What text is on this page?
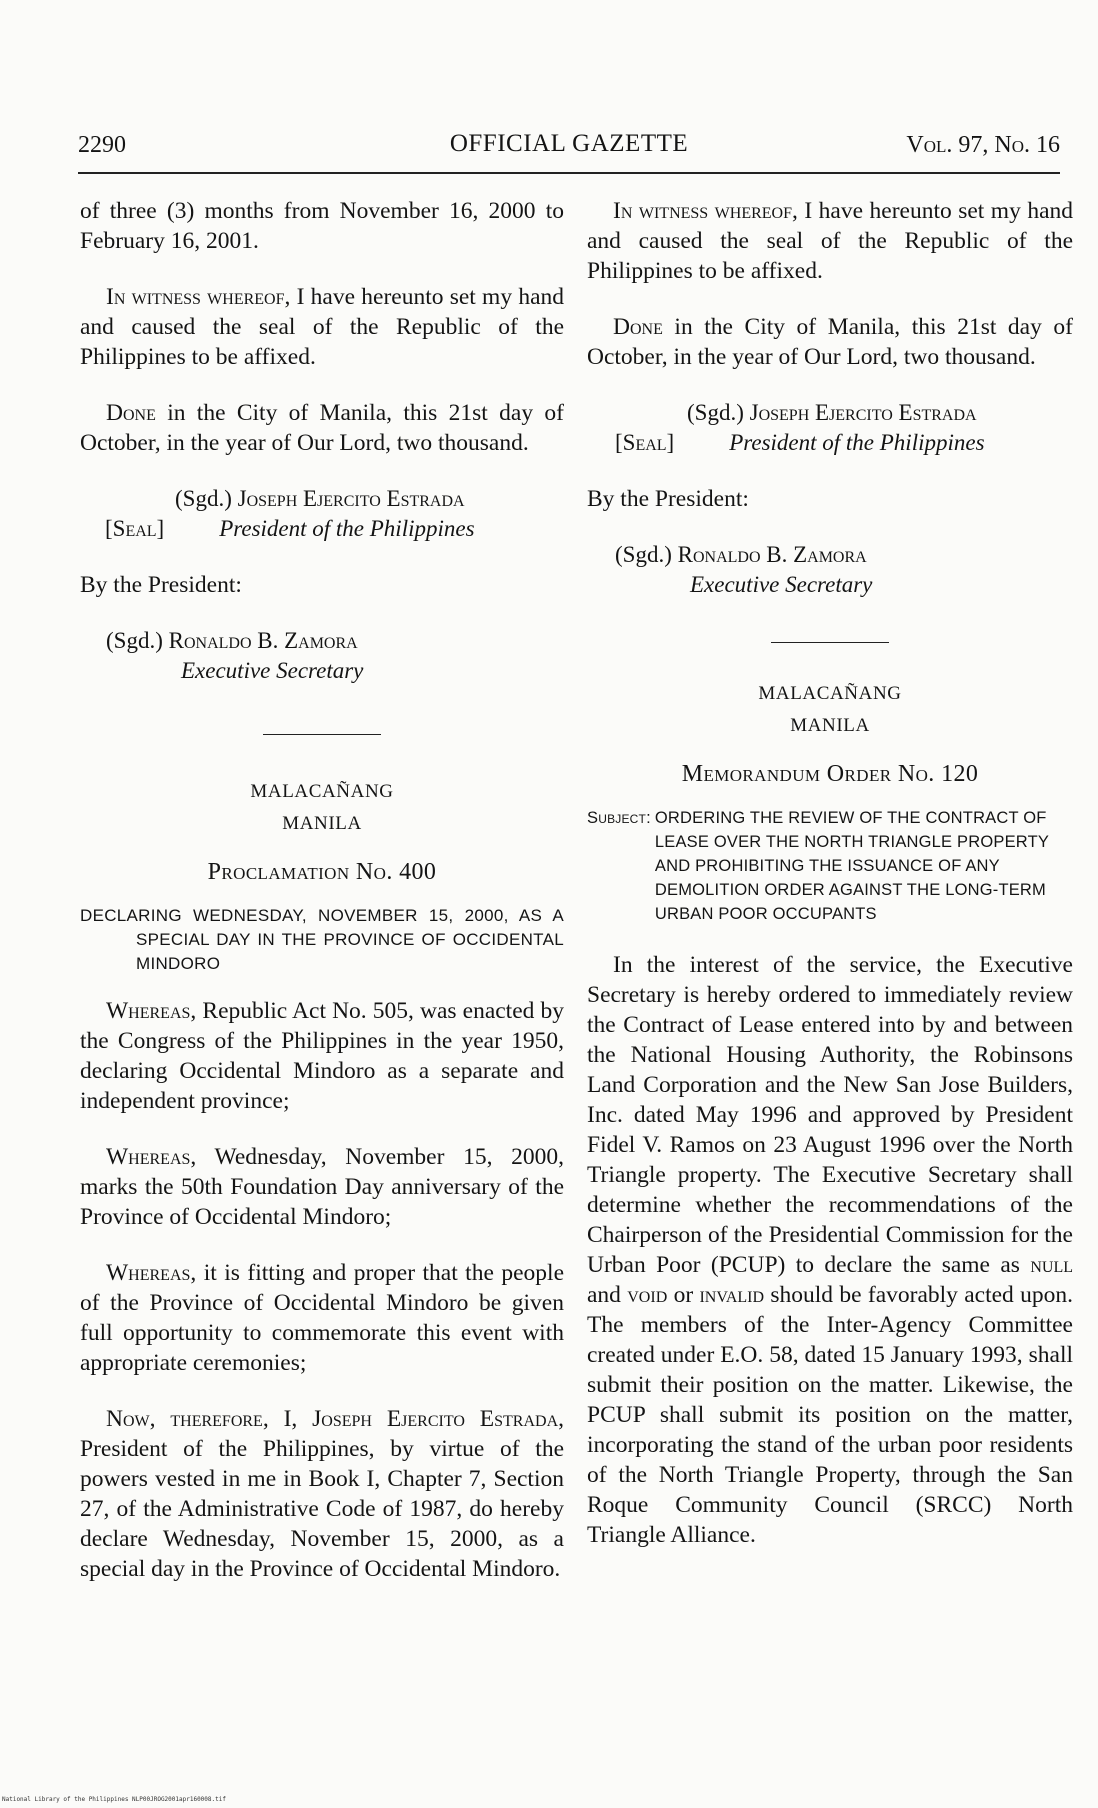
2290	OFFICIAL GAZETTE	Vol. 97, No. 16

of three (3) months from November 16, 2000 to February 16, 2001.

In witness whereof, I have hereunto set my hand and caused the seal of the Republic of the Philippines to be affixed.

Done in the City of Manila, this 21st day of October, in the year of Our Lord, two thousand.

(Sgd.) Joseph Ejercito Estrada
[Seal] President of the Philippines

By the President:

(Sgd.) Ronaldo B. Zamora
Executive Secretary
MALACAÑANG
MANILA
Proclamation No. 400
DECLARING WEDNESDAY, NOVEMBER 15, 2000, AS A SPECIAL DAY IN THE PROVINCE OF OCCIDENTAL MINDORO

Whereas, Republic Act No. 505, was enacted by the Congress of the Philippines in the year 1950, declaring Occidental Mindoro as a separate and independent province;

Whereas, Wednesday, November 15, 2000, marks the 50th Foundation Day anniversary of the Province of Occidental Mindoro;

Whereas, it is fitting and proper that the people of the Province of Occidental Mindoro be given full opportunity to commemorate this event with appropriate ceremonies;

Now, therefore, I, Joseph Ejercito Estrada, President of the Philippines, by virtue of the powers vested in me in Book I, Chapter 7, Section 27, of the Administrative Code of 1987, do hereby declare Wednesday, November 15, 2000, as a special day in the Province of Occidental Mindoro.

In witness whereof, I have hereunto set my hand and caused the seal of the Republic of the Philippines to be affixed.

Done in the City of Manila, this 21st day of October, in the year of Our Lord, two thousand.

(Sgd.) Joseph Ejercito Estrada
[Seal] President of the Philippines

By the President:

(Sgd.) Ronaldo B. Zamora
Executive Secretary
MALACAÑANG
MANILA
Memorandum Order No. 120
Subject: ORDERING THE REVIEW OF THE CONTRACT OF LEASE OVER THE NORTH TRIANGLE PROPERTY AND PROHIBITING THE ISSUANCE OF ANY DEMOLITION ORDER AGAINST THE LONG-TERM URBAN POOR OCCUPANTS

In the interest of the service, the Executive Secretary is hereby ordered to immediately review the Contract of Lease entered into by and between the National Housing Authority, the Robinsons Land Corporation and the New San Jose Builders, Inc. dated May 1996 and approved by President Fidel V. Ramos on 23 August 1996 over the North Triangle property. The Executive Secretary shall determine whether the recommendations of the Chairperson of the Presidential Commission for the Urban Poor (PCUP) to declare the same as null and void or invalid should be favorably acted upon. The members of the Inter-Agency Committee created under E.O. 58, dated 15 January 1993, shall submit their position on the matter. Likewise, the PCUP shall submit its position on the matter, incorporating the stand of the urban poor residents of the North Triangle Property, through the San Roque Community Council (SRCC) North Triangle Alliance.

National Library of the Philippines NLP00JROG2001apr160008.tif
